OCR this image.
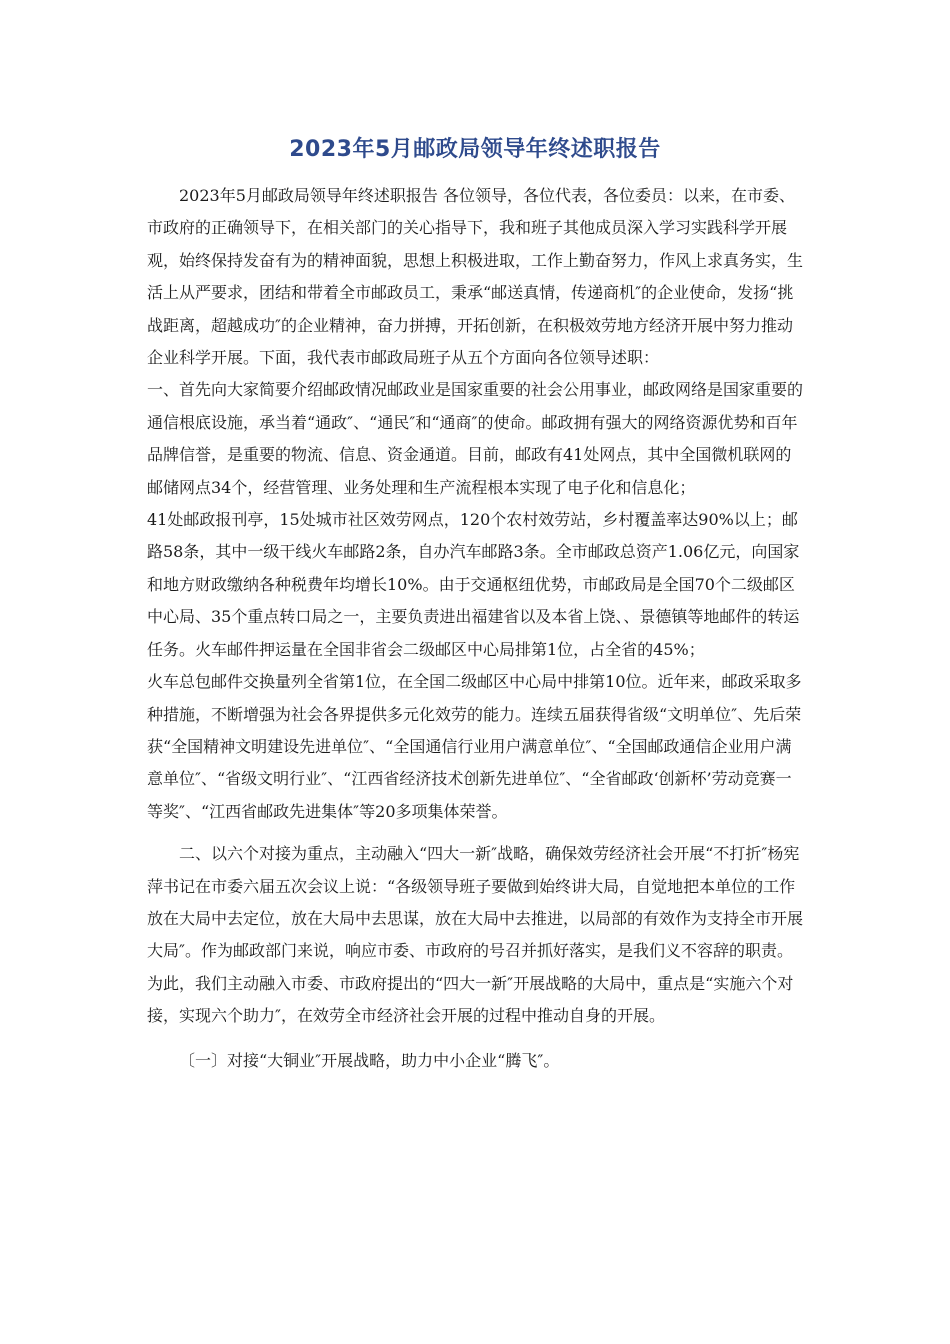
2023年5月邮政局领导年终述职报告

2023年5月邮政局领导年终述职报告 各位领导，各位代表，各位委员：以来，在市委、市政府的正确领导下，在相关部门的关心指导下，我和班子其他成员深入学习实践科学开展观，始终保持发奋有为的精神面貌，思想上积极进取，工作上勤奋努力，作风上求真务实，生活上从严要求，团结和带着全市邮政员工，秉承“邮送真情，传递商机″的企业使命，发扬“挑战距离，超越成功″的企业精神，奋力拼搏，开拓创新，在积极效劳地方经济开展中努力推动企业科学开展。下面，我代表市邮政局班子从五个方面向各位领导述职：

一、首先向大家简要介绍邮政情况邮政业是国家重要的社会公用事业，邮政网络是国家重要的通信根底设施，承当着“通政″、“通民″和“通商″的使命。邮政拥有强大的网络资源优势和百年品牌信誉，是重要的物流、信息、资金通道。目前，邮政有41处网点，其中全国微机联网的邮储网点34个，经营管理、业务处理和生产流程根本实现了电子化和信息化；

41处邮政报刊亭，15处城市社区效劳网点，120个农村效劳站，乡村覆盖率达90%以上；邮路58条，其中一级干线火车邮路2条，自办汽车邮路3条。全市邮政总资产1.06亿元，向国家和地方财政缴纳各种税费年均增长10%。由于交通枢纽优势，市邮政局是全国70个二级邮区中心局、35个重点转口局之一，主要负责进出福建省以及本省上饶、、景德镇等地邮件的转运任务。火车邮件押运量在全国非省会二级邮区中心局排第1位，占全省的45%；

火车总包邮件交换量列全省第1位，在全国二级邮区中心局中排第10位。近年来，邮政采取多种措施，不断增强为社会各界提供多元化效劳的能力。连续五届获得省级“文明单位″、先后荣获“全国精神文明建设先进单位″、“全国通信行业用户满意单位″、“全国邮政通信企业用户满意单位″、“省级文明行业″、“江西省经济技术创新先进单位″、“全省邮政‘创新杯’劳动竞赛一等奖″、“江西省邮政先进集体″等20多项集体荣誉。

二、以六个对接为重点，主动融入“四大一新″战略，确保效劳经济社会开展“不打折″杨宪萍书记在市委六届五次会议上说：“各级领导班子要做到始终讲大局，自觉地把本单位的工作放在大局中去定位，放在大局中去思谋，放在大局中去推进，以局部的有效作为支持全市开展大局″。作为邮政部门来说，响应市委、市政府的号召并抓好落实，是我们义不容辞的职责。为此，我们主动融入市委、市政府提出的“四大一新″开展战略的大局中，重点是“实施六个对接，实现六个助力″，在效劳全市经济社会开展的过程中推动自身的开展。

〔一〕对接“大铜业″开展战略，助力中小企业“腾飞″。
